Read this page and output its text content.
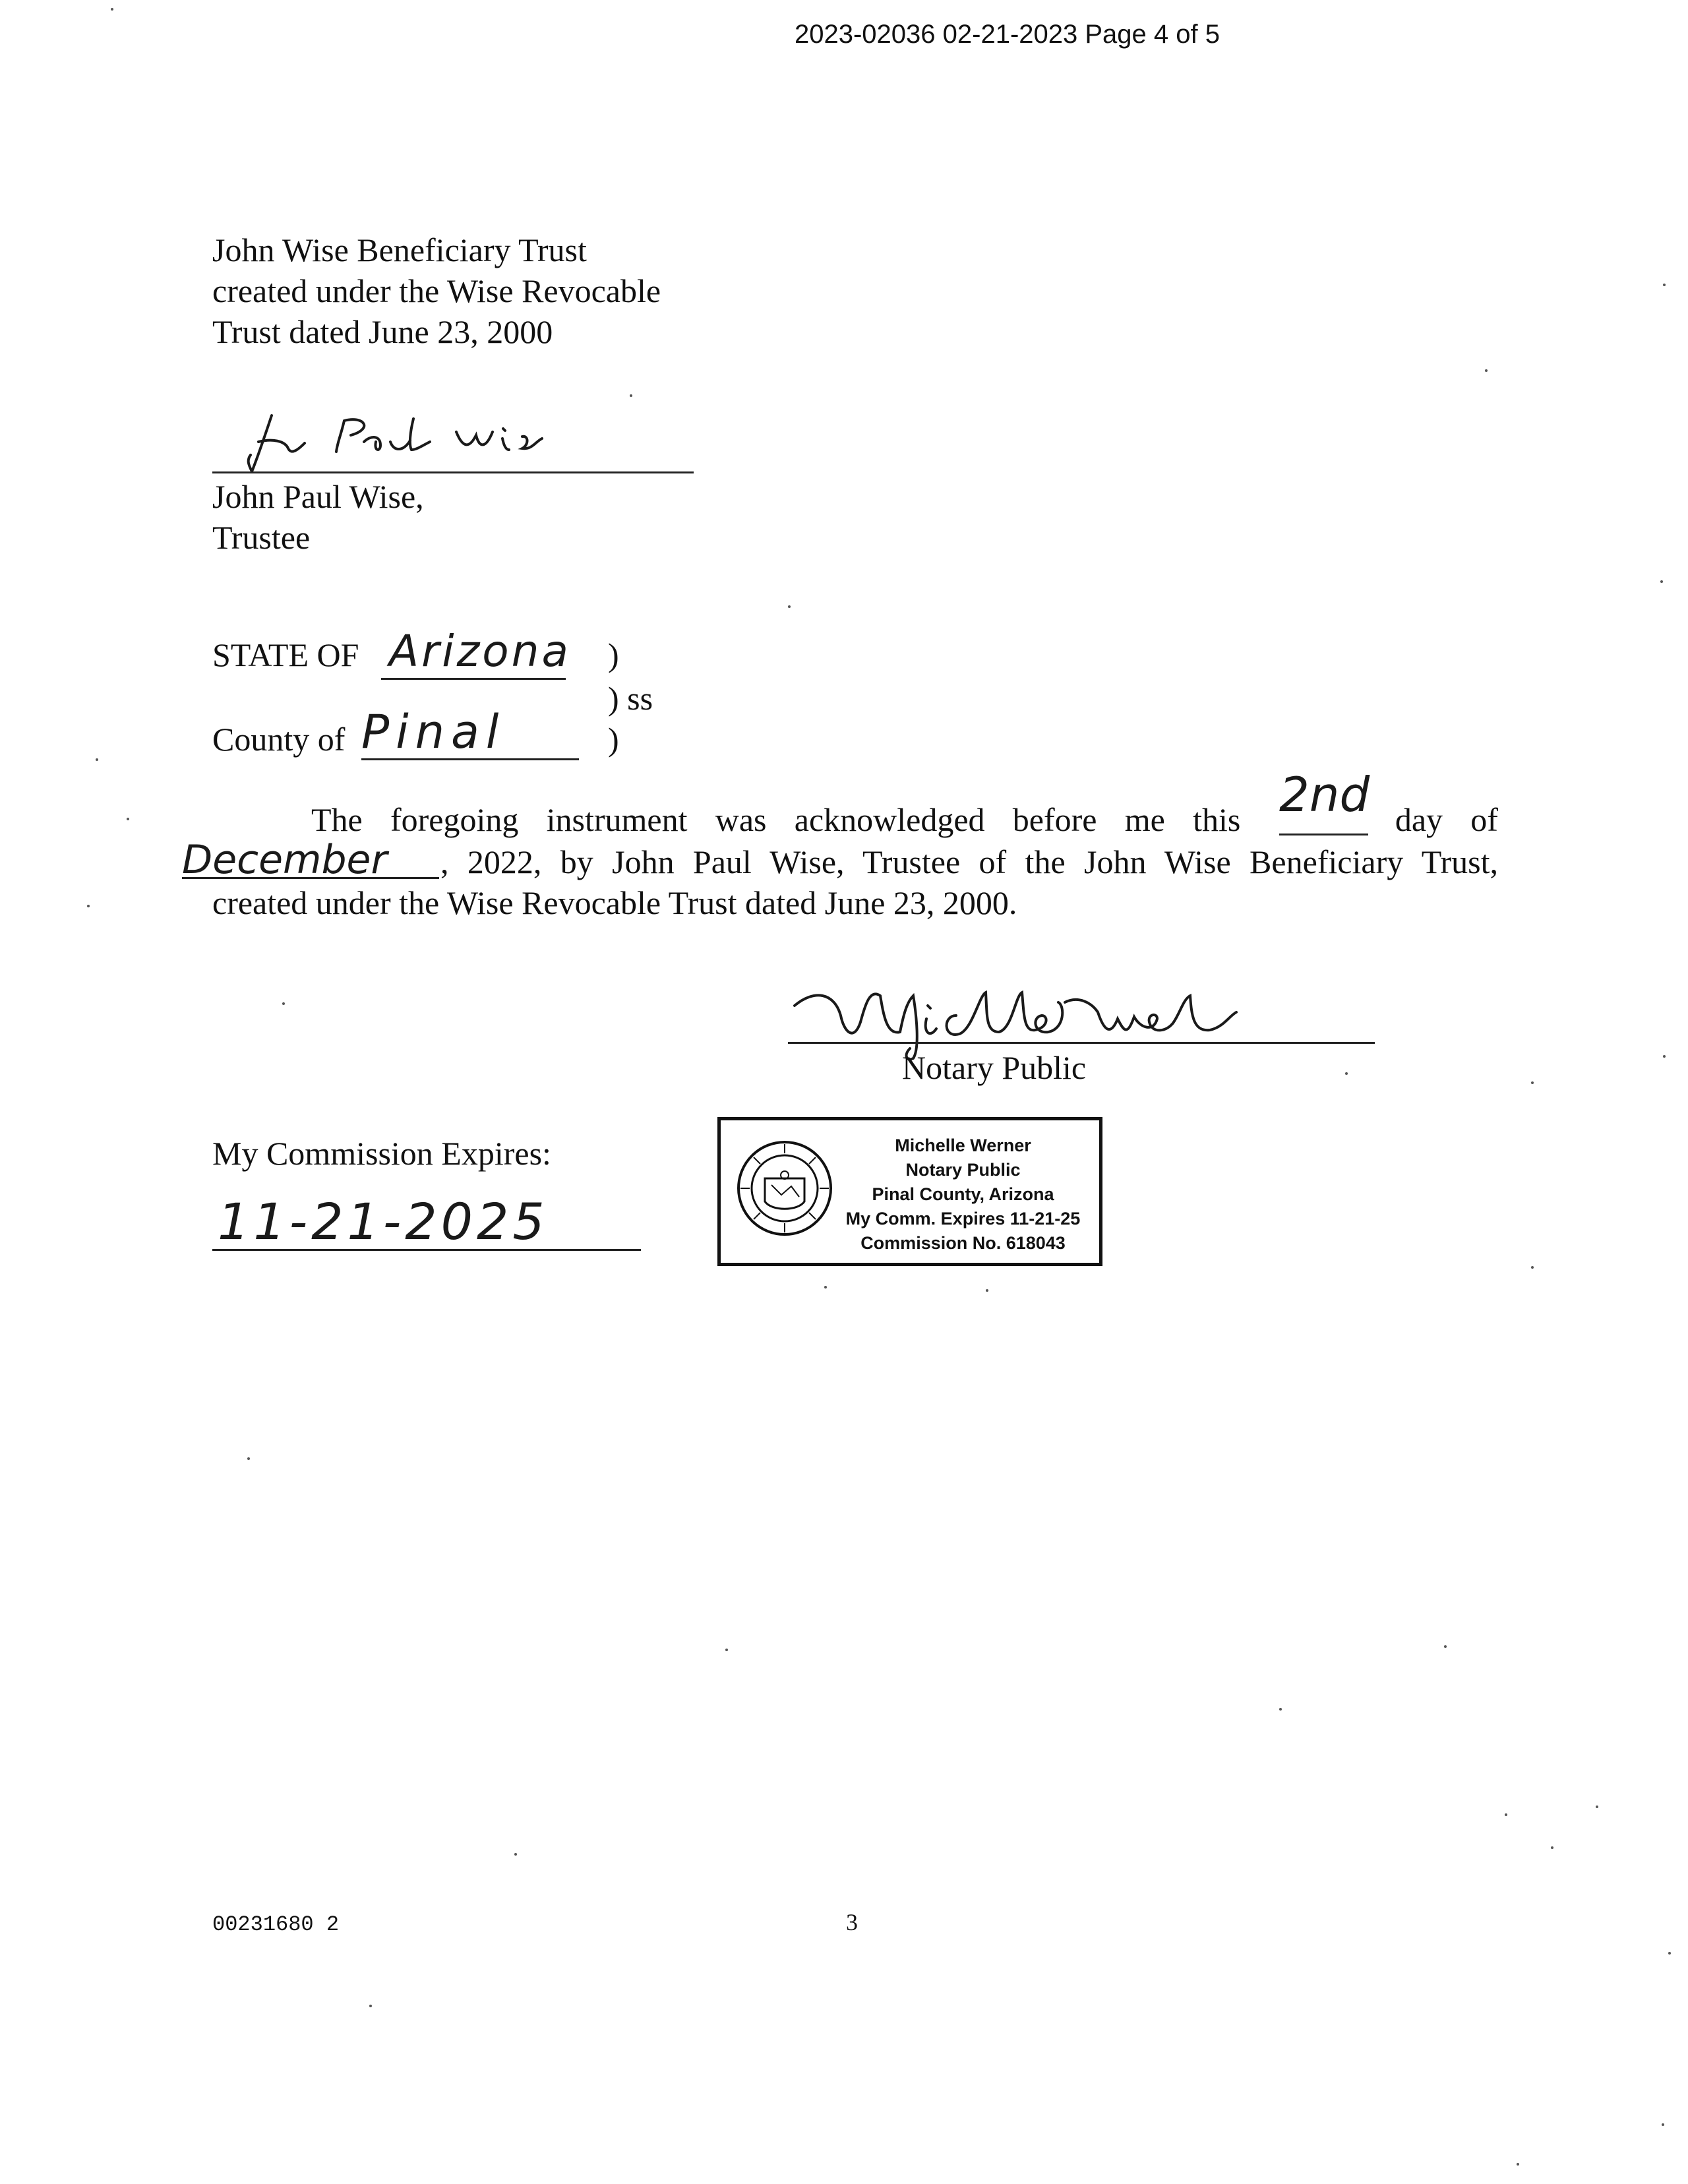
2023-02036 02-21-2023 Page 4 of 5
John Wise Beneficiary Trust
created under the Wise Revocable
Trust dated June 23, 2000
John Paul Wise,
Trustee
STATE OF Arizona )
) ss
County of Pinal	)
The foregoing instrument was acknowledged before me this	day of
2nd
December , 2022, by John Paul Wise, Trustee of the John Wise Beneficiary Trust,
created under the Wise Revocable Trust dated June 23, 2000.
Notary Public
My Commission Expires:
11-21-2025
Michelle Werner
Notary Public
Pinal County, Arizona
My Comm. Expires 11-21-25
Commission No. 618043
00231680 2	3
